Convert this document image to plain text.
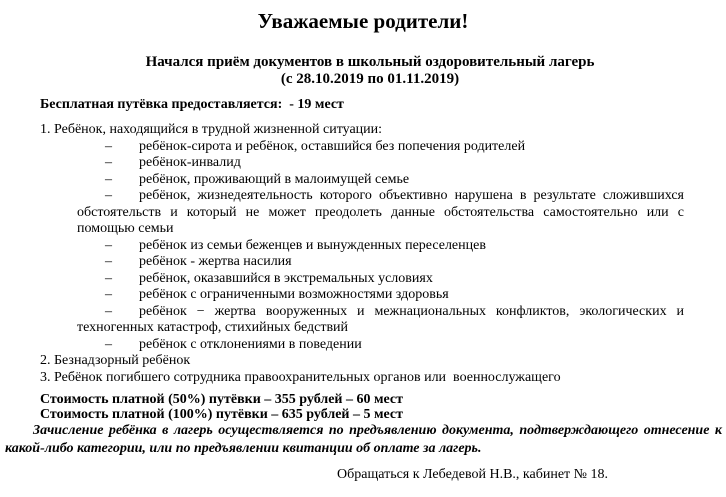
Уважаемые родители!
Начался приём документов в школьный оздоровительный лагерь
(с 28.10.2019 по 01.11.2019)
Бесплатная путёвка предоставляется:  - 19 мест
1. Ребёнок, находящийся в трудной жизненной ситуации:
– ребёнок-сирота и ребёнок, оставшийся без попечения родителей
– ребёнок-инвалид
– ребёнок, проживающий в малоимущей семье
– ребёнок, жизнедеятельность которого объективно нарушена в результате сложившихся обстоятельств и который не может преодолеть данные обстоятельства самостоятельно или с помощью семьи
– ребёнок из семьи беженцев и вынужденных переселенцев
– ребёнок - жертва насилия
– ребёнок, оказавшийся в экстремальных условиях
– ребёнок с ограниченными возможностями здоровья
– ребёнок − жертва вооруженных и межнациональных конфликтов, экологических и техногенных катастроф, стихийных бедствий
– ребёнок с отклонениями в поведении
2. Безнадзорный ребёнок
3. Ребёнок погибшего сотрудника правоохранительных органов или  военнослужащего
Стоимость платной (50%) путёвки – 355 рублей – 60 мест
Стоимость платной (100%) путёвки – 635 рублей – 5 мест
Зачисление ребёнка в лагерь осуществляется по предъявлению документа, подтверждающего отнесение к какой-либо категории, или по предъявлении квитанции об оплате за лагерь.
Обращаться к Лебедевой Н.В., кабинет № 18.
